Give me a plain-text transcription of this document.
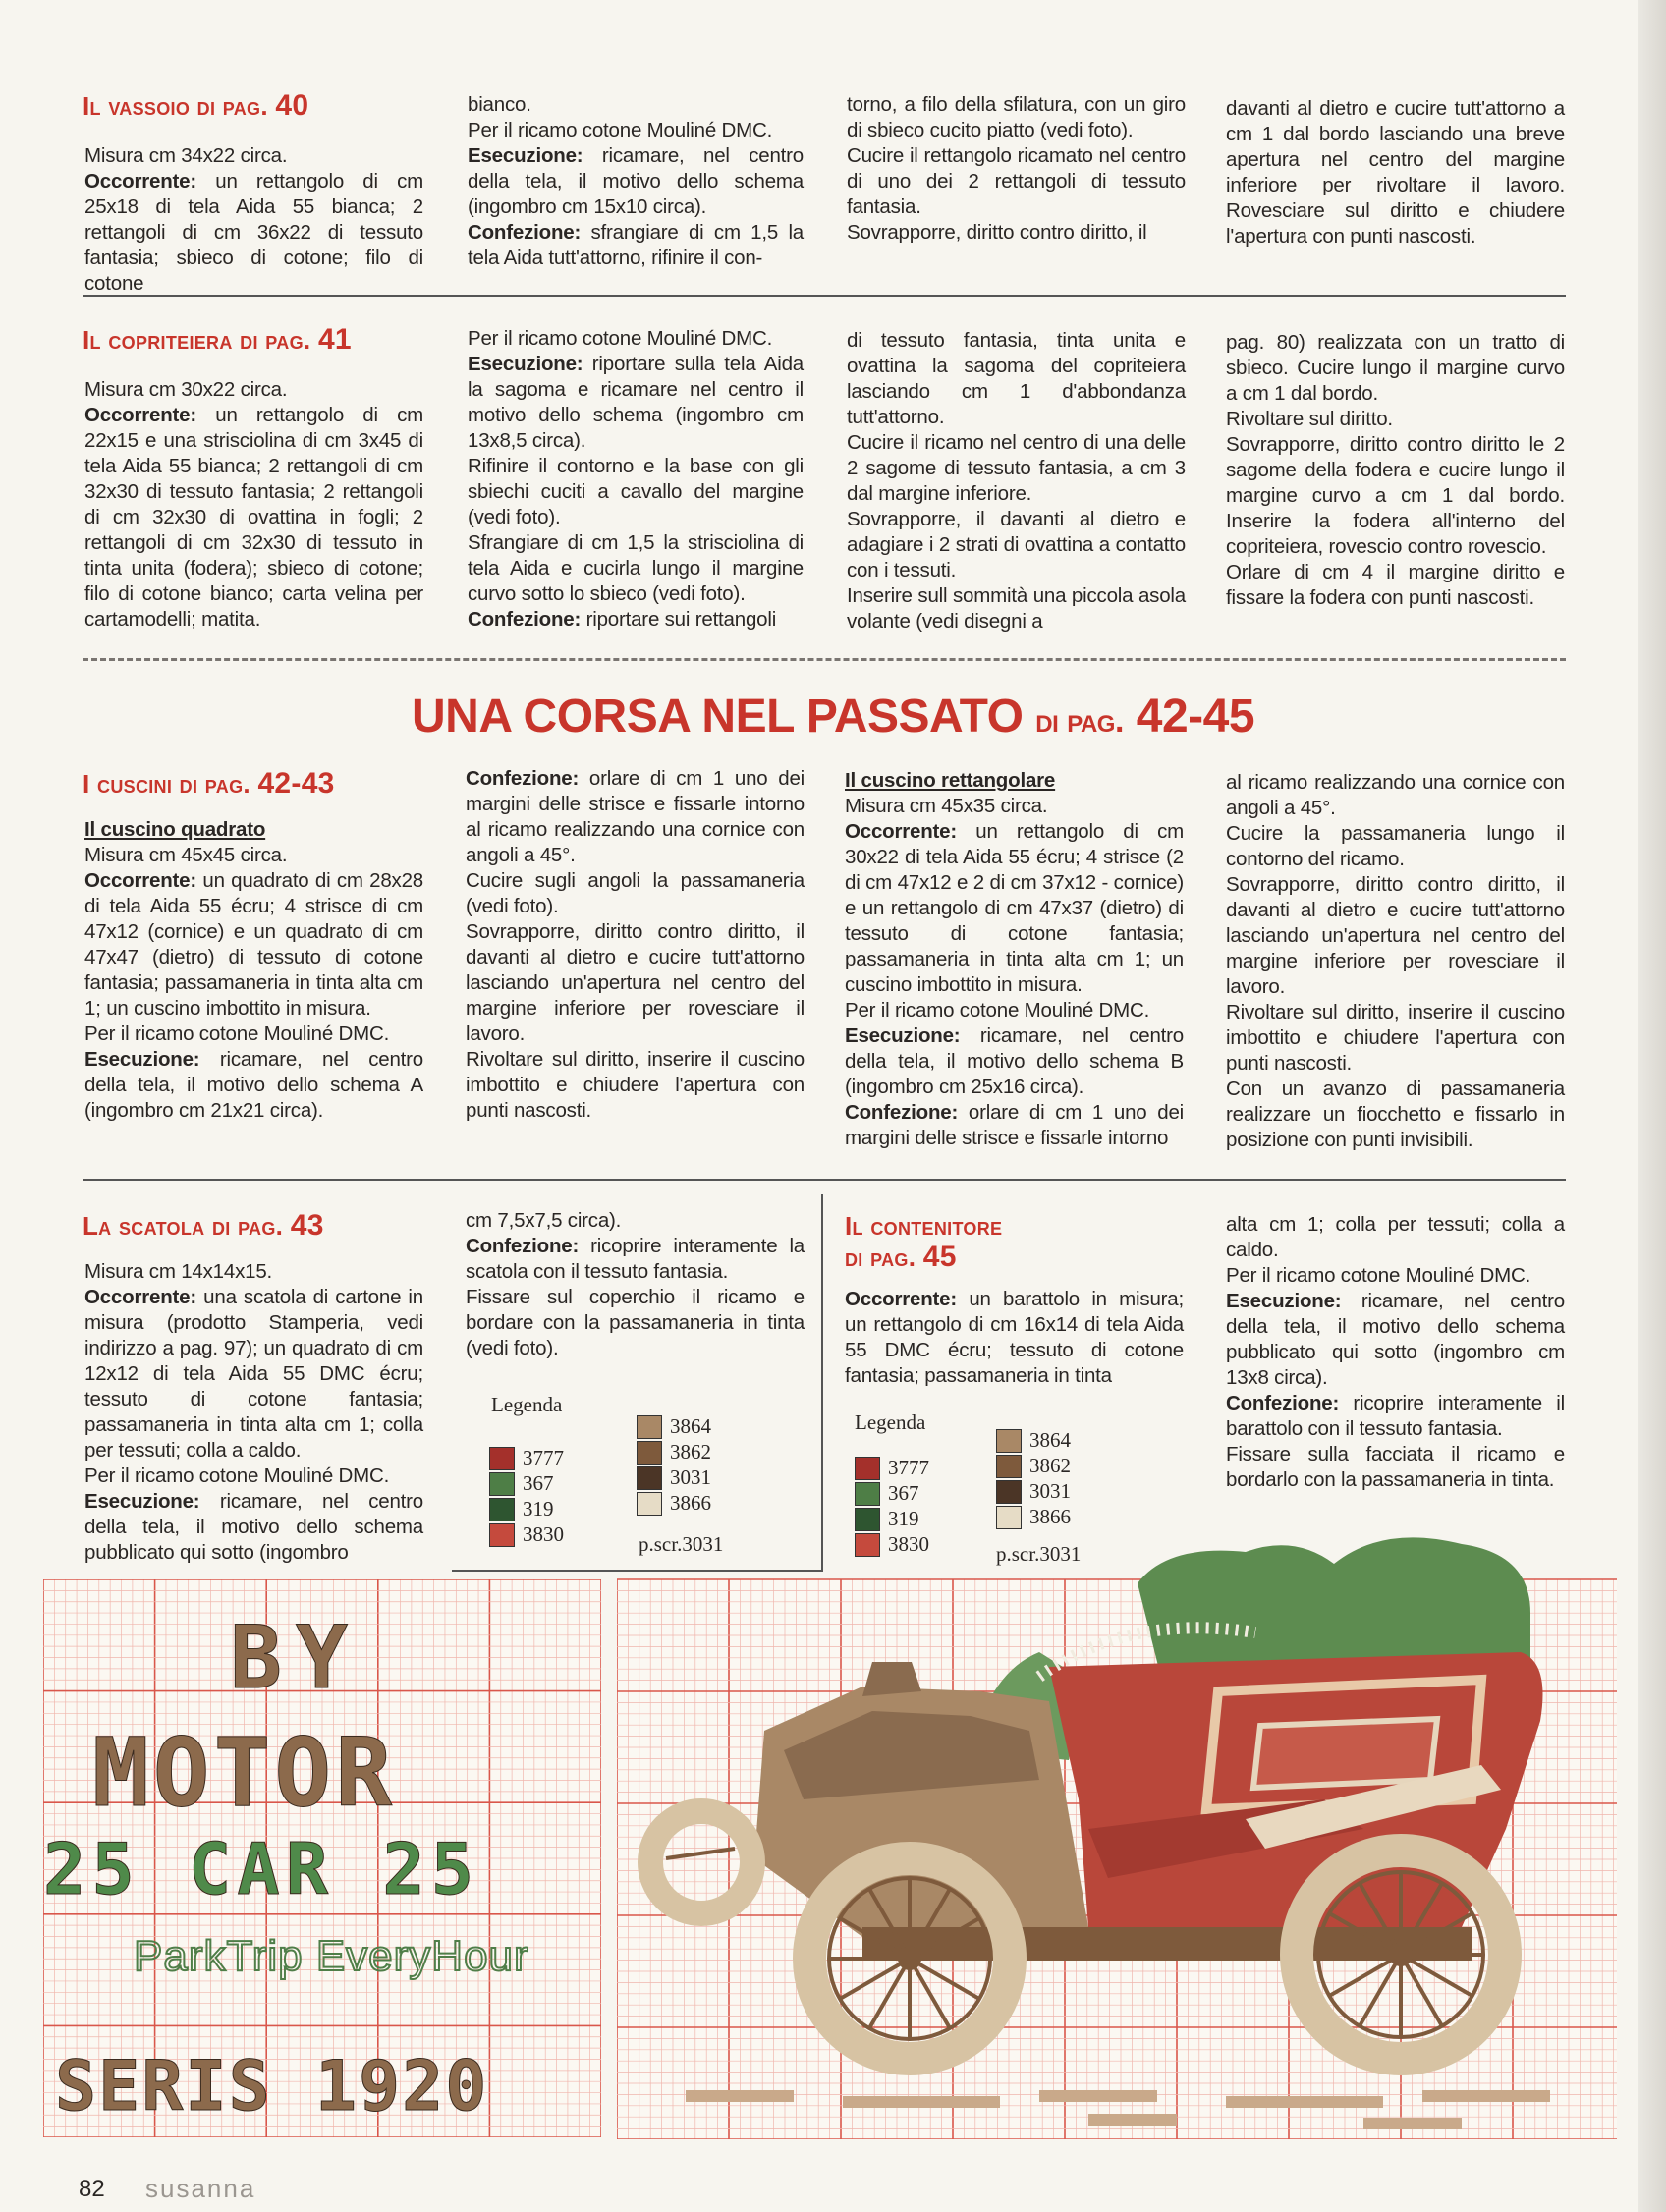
Il vassoio di pag. 40

Misura cm 34x22 circa.

Occorrente: un rettangolo di cm 25x18 di tela Aida 55 bianca; 2 rettangoli di cm 36x22 di tessuto fantasia; sbieco di cotone; filo di cotone

bianco.

Per il ricamo cotone Mouliné DMC.

Esecuzione: ricamare, nel centro della tela, il motivo dello schema (ingombro cm 15x10 circa).

Confezione: sfrangiare di cm 1,5 la tela Aida tutt'attorno, rifinire il con-

torno, a filo della sfilatura, con un giro di sbieco cucito piatto (vedi foto).

Cucire il rettangolo ricamato nel centro di uno dei 2 rettangoli di tessuto fantasia.

Sovrapporre, diritto contro diritto, il

davanti al dietro e cucire tutt'attorno a cm 1 dal bordo lasciando una breve apertura nel centro del margine inferiore per rivoltare il lavoro. Rovesciare sul diritto e chiudere l'apertura con punti nascosti.

Il copriteiera di pag. 41

Misura cm 30x22 circa.

Occorrente: un rettangolo di cm 22x15 e una strisciolina di cm 3x45 di tela Aida 55 bianca; 2 rettangoli di cm 32x30 di tessuto fantasia; 2 rettangoli di cm 32x30 di ovattina in fogli; 2 rettangoli di cm 32x30 di tessuto in tinta unita (fodera); sbieco di cotone; filo di cotone bianco; carta velina per cartamodelli; matita.

Per il ricamo cotone Mouliné DMC.

Esecuzione: riportare sulla tela Aida la sagoma e ricamare nel centro il motivo dello schema (ingombro cm 13x8,5 circa).

Rifinire il contorno e la base con gli sbiechi cuciti a cavallo del margine (vedi foto).

Sfrangiare di cm 1,5 la strisciolina di tela Aida e cucirla lungo il margine curvo sotto lo sbieco (vedi foto).

Confezione: riportare sui rettangoli

di tessuto fantasia, tinta unita e ovattina la sagoma del copriteiera lasciando cm 1 d'abbondanza tutt'attorno.

Cucire il ricamo nel centro di una delle 2 sagome di tessuto fantasia, a cm 3 dal margine inferiore.

Sovrapporre, il davanti al dietro e adagiare i 2 strati di ovattina a contatto con i tessuti.

Inserire sull sommità una piccola asola volante (vedi disegni a

pag. 80) realizzata con un tratto di sbieco. Cucire lungo il margine curvo a cm 1 dal bordo.

Rivoltare sul diritto.

Sovrapporre, diritto contro diritto le 2 sagome della fodera e cucire lungo il margine curvo a cm 1 dal bordo. Inserire la fodera all'interno del copriteiera, rovescio contro rovescio.

Orlare di cm 4 il margine diritto e fissare la fodera con punti nascosti.

UNA CORSA NEL PASSATO di pag. 42-45
I cuscini di pag. 42-43

Il cuscino quadrato

Misura cm 45x45 circa.

Occorrente: un quadrato di cm 28x28 di tela Aida 55 écru; 4 strisce di cm 47x12 (cornice) e un quadrato di cm 47x47 (dietro) di tessuto di cotone fantasia; passamaneria in tinta alta cm 1; un cuscino imbottito in misura.

Per il ricamo cotone Mouliné DMC.

Esecuzione: ricamare, nel centro della tela, il motivo dello schema A (ingombro cm 21x21 circa).

Confezione: orlare di cm 1 uno dei margini delle strisce e fissarle intorno al ricamo realizzando una cornice con angoli a 45°.

Cucire sugli angoli la passamaneria (vedi foto).

Sovrapporre, diritto contro diritto, il davanti al dietro e cucire tutt'attorno lasciando un'apertura nel centro del margine inferiore per rovesciare il lavoro.

Rivoltare sul diritto, inserire il cuscino imbottito e chiudere l'apertura con punti nascosti.

Il cuscino rettangolare

Misura cm 45x35 circa.

Occorrente: un rettangolo di cm 30x22 di tela Aida 55 écru; 4 strisce (2 di cm 47x12 e 2 di cm 37x12 - cornice) e un rettangolo di cm 47x37 (dietro) di tessuto di cotone fantasia; passamaneria in tinta alta cm 1; un cuscino imbottito in misura.

Per il ricamo cotone Mouliné DMC.

Esecuzione: ricamare, nel centro della tela, il motivo dello schema B (ingombro cm 25x16 circa).

Confezione: orlare di cm 1 uno dei margini delle strisce e fissarle intorno

al ricamo realizzando una cornice con angoli a 45°.

Cucire la passamaneria lungo il contorno del ricamo.

Sovrapporre, diritto contro diritto, il davanti al dietro e cucire tutt'attorno lasciando un'apertura nel centro del margine inferiore per rovesciare il lavoro.

Rivoltare sul diritto, inserire il cuscino imbottito e chiudere l'apertura con punti nascosti.

Con un avanzo di passamaneria realizzare un fiocchetto e fissarlo in posizione con punti invisibili.

La scatola di pag. 43

Misura cm 14x14x15.

Occorrente: una scatola di cartone in misura (prodotto Stamperia, vedi indirizzo a pag. 97); un quadrato di cm 12x12 di tela Aida 55 DMC écru; tessuto di cotone fantasia; passamaneria in tinta alta cm 1; colla per tessuti; colla a caldo.

Per il ricamo cotone Mouliné DMC.

Esecuzione: ricamare, nel centro della tela, il motivo dello schema pubblicato qui sotto (ingombro

cm 7,5x7,5 circa).

Confezione: ricoprire interamente la scatola con il tessuto fantasia.

Fissare sul coperchio il ricamo e bordare con la passamaneria in tinta (vedi foto).

Il contenitore
di pag. 45

Occorrente: un barattolo in misura; un rettangolo di cm 16x14 di tela Aida 55 DMC écru; tessuto di cotone fantasia; passamaneria in tinta

alta cm 1; colla per tessuti; colla a caldo.

Per il ricamo cotone Mouliné DMC.

Esecuzione: ricamare, nel centro della tela, il motivo dello schema pubblicato qui sotto (ingombro cm 13x8 circa).

Confezione: ricoprire interamente il barattolo con il tessuto fantasia.

Fissare sulla facciata il ricamo e bordarlo con la passamaneria in tinta.

Legenda
3777
367
319
3830
3864
3862
3031
3866
p.scr.3031
Legenda
3777
367
319
3830
3864
3862
3031
3866
p.scr.3031
BY
MOTOR
25 CAR 25
SERIS 1920
ParkTrip EveryHour
82 susanna
